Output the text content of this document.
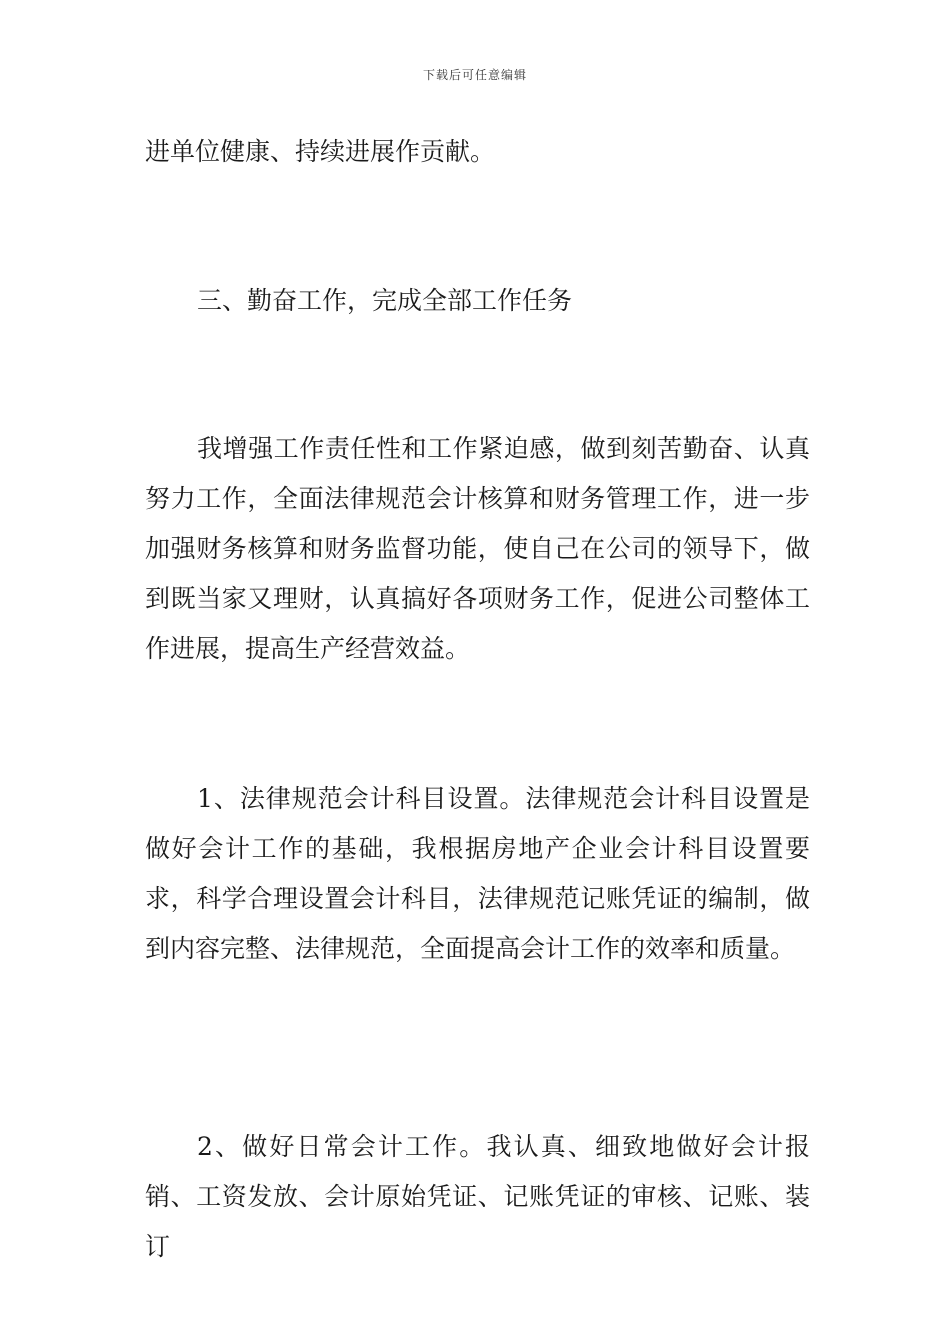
下载后可任意编辑

进单位健康、持续进展作贡献。

三、勤奋工作，完成全部工作任务

我增强工作责任性和工作紧迫感，做到刻苦勤奋、认真努力工作，全面法律规范会计核算和财务管理工作，进一步加强财务核算和财务监督功能，使自己在公司的领导下，做到既当家又理财，认真搞好各项财务工作，促进公司整体工作进展，提高生产经营效益。

1、法律规范会计科目设置。法律规范会计科目设置是做好会计工作的基础，我根据房地产企业会计科目设置要求，科学合理设置会计科目，法律规范记账凭证的编制，做到内容完整、法律规范，全面提高会计工作的效率和质量。

2、做好日常会计工作。我认真、细致地做好会计报销、工资发放、会计原始凭证、记账凭证的审核、记账、装订
